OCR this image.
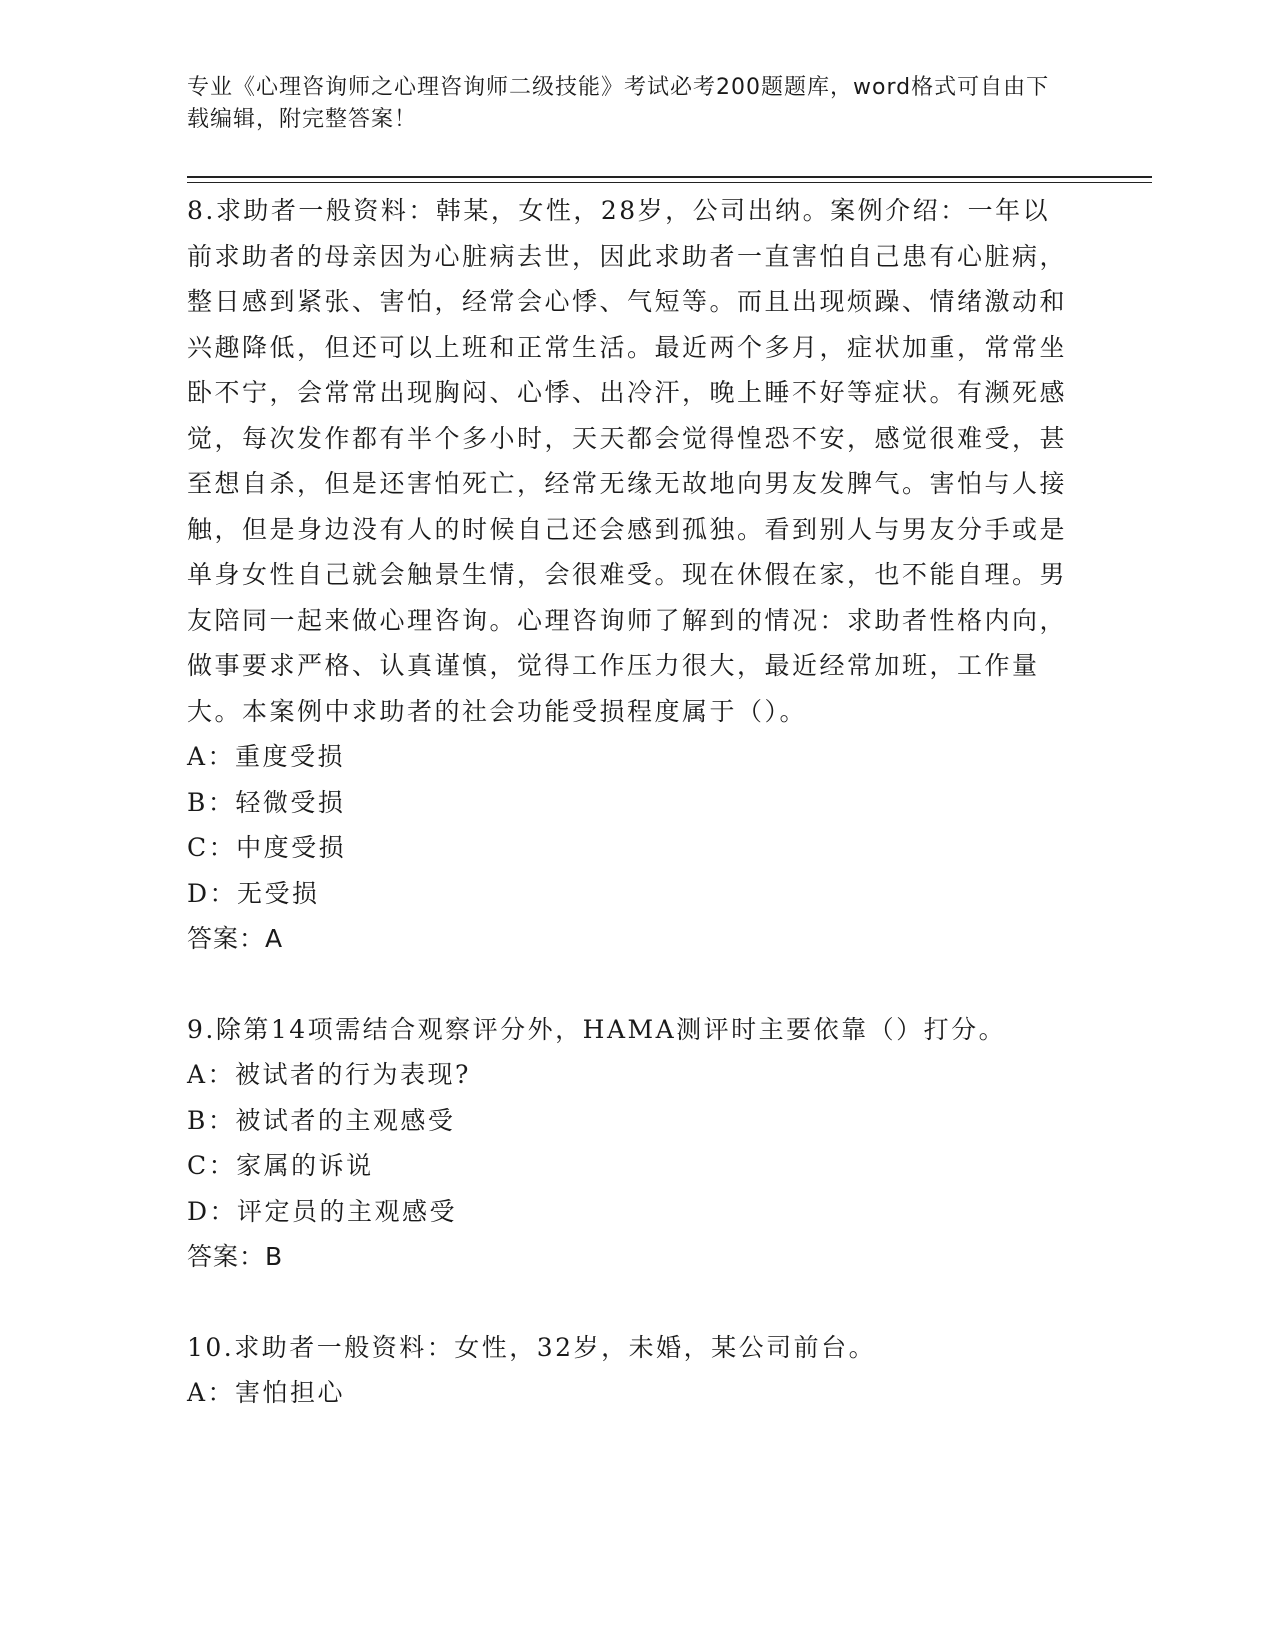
专业《心理咨询师之心理咨询师二级技能》考试必考200题题库，word格式可自由下载编辑，附完整答案！

8.求助者一般资料：韩某，女性，28岁，公司出纳。案例介绍：一年以前求助者的母亲因为心脏病去世，因此求助者一直害怕自己患有心脏病，整日感到紧张、害怕，经常会心悸、气短等。而且出现烦躁、情绪激动和兴趣降低，但还可以上班和正常生活。最近两个多月，症状加重，常常坐卧不宁，会常常出现胸闷、心悸、出冷汗，晚上睡不好等症状。有濒死感觉，每次发作都有半个多小时，天天都会觉得惶恐不安，感觉很难受，甚至想自杀，但是还害怕死亡，经常无缘无故地向男友发脾气。害怕与人接触，但是身边没有人的时候自己还会感到孤独。看到别人与男友分手或是单身女性自己就会触景生情，会很难受。现在休假在家，也不能自理。男友陪同一起来做心理咨询。心理咨询师了解到的情况：求助者性格内向，做事要求严格、认真谨慎，觉得工作压力很大，最近经常加班，工作量大。本案例中求助者的社会功能受损程度属于（）。

A：重度受损

B：轻微受损

C：中度受损

D：无受损

答案：A

9.除第14项需结合观察评分外，HAMA测评时主要依靠（）打分。

A：被试者的行为表现?

B：被试者的主观感受

C：家属的诉说

D：评定员的主观感受

答案：B

10.求助者一般资料：女性，32岁，未婚，某公司前台。

A：害怕担心
